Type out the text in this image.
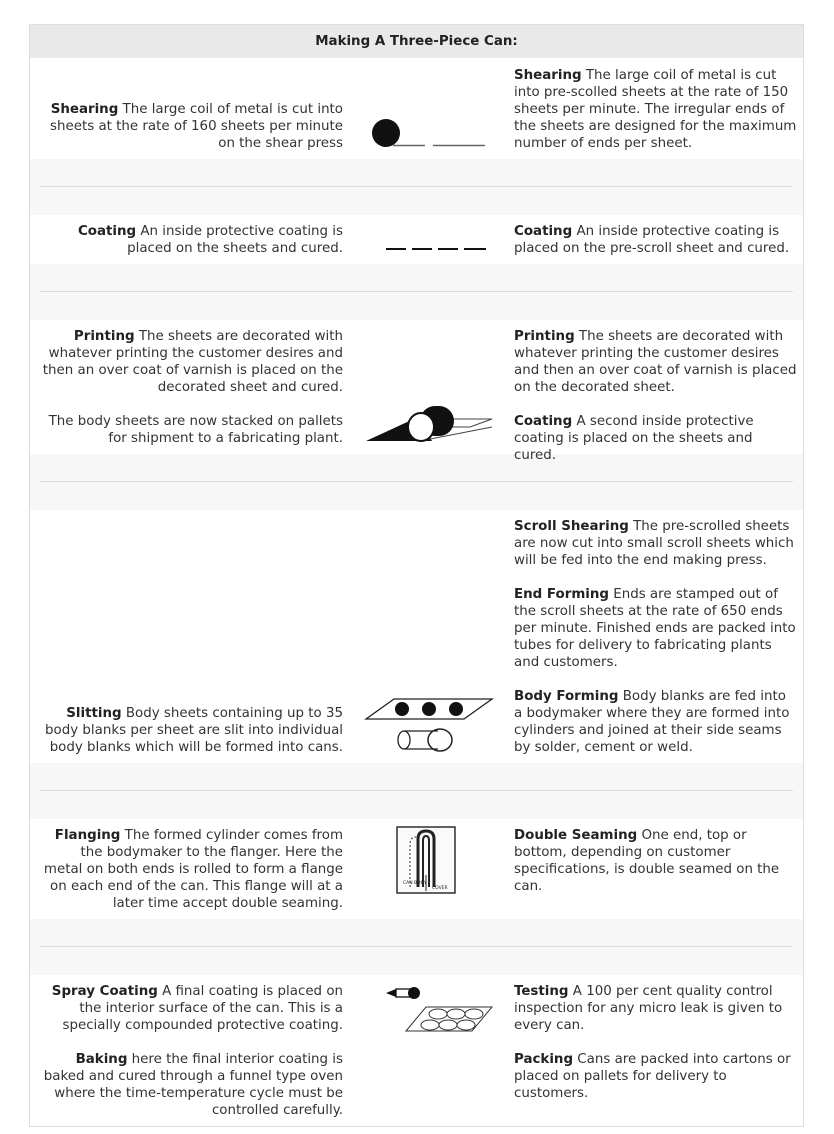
Making A Three-Piece Can:

Shearing The large coil of metal is cut into sheets at the rate of 160 sheets per minute on the shear press

Shearing The large coil of metal is cut into pre-scolled sheets at the rate of 150 sheets per minute. The irregular ends of the sheets are designed for the maximum number of ends per sheet.

Coating An inside protective coating is placed on the sheets and cured.

Coating An inside protective coating is placed on the pre-scroll sheet and cured.

Printing The sheets are decorated with whatever printing the customer desires and then an over coat of varnish is placed on the decorated sheet and cured.

The body sheets are now stacked on pallets for shipment to a fabricating plant.

Printing The sheets are decorated with whatever printing the customer desires and then an over coat of varnish is placed on the decorated sheet.

Coating A second inside protective coating is placed on the sheets and cured.

Slitting Body sheets containing up to 35 body blanks per sheet are slit into individual body blanks which will be formed into cans.

Scroll Shearing The pre-scrolled sheets are now cut into small scroll sheets which will be fed into the end making press.

End Forming Ends are stamped out of the scroll sheets at the rate of 650 ends per minute. Finished ends are packed into tubes for delivery to fabricating plants and customers.

Body Forming Body blanks are fed into a bodymaker where they are formed into cylinders and joined at their side seams by solder, cement or weld.

Flanging The formed cylinder comes from the bodymaker to the flanger. Here the metal on both ends is rolled to form a flange on each end of the can. This flange will at a later time accept double seaming.

CAN BODY
COVER

Double Seaming One end, top or bottom, depending on customer specifications, is double seamed on the can.

Spray Coating A final coating is placed on the interior surface of the can. This is a specially compounded protective coating.

Baking here the final interior coating is baked and cured through a funnel type oven where the time-temperature cycle must be controlled carefully.

Testing A 100 per cent quality control inspection for any micro leak is given to every can.

Packing Cans are packed into cartons or placed on pallets for delivery to customers.
